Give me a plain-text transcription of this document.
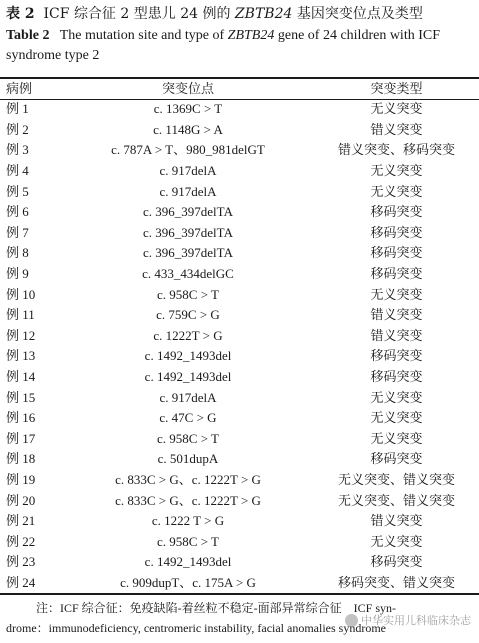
表 2 ICF 综合征 2 型患儿 24 例的 ZBTB24 基因突变位点及类型
Table 2 The mutation site and type of ZBTB24 gene of 24 children with ICF syndrome type 2
病例	突变位点	突变类型
例 1	c. 1369C > T	无义突变
例 2	c. 1148G > A	错义突变
例 3	c. 787A > T、980_981delGT	错义突变、移码突变
例 4	c. 917delA	无义突变
例 5	c. 917delA	无义突变
例 6	c. 396_397delTA	移码突变
例 7	c. 396_397delTA	移码突变
例 8	c. 396_397delTA	移码突变
例 9	c. 433_434delGC	移码突变
例 10	c. 958C > T	无义突变
例 11	c. 759C > G	错义突变
例 12	c. 1222T > G	错义突变
例 13	c. 1492_1493del	移码突变
例 14	c. 1492_1493del	移码突变
例 15	c. 917delA	无义突变
例 16	c. 47C > G	无义突变
例 17	c. 958C > T	无义突变
例 18	c. 501dupA	移码突变
例 19	c. 833C > G、c. 1222T > G	无义突变、错义突变
例 20	c. 833C > G、c. 1222T > G	无义突变、错义突变
例 21	c. 1222 T > G	错义突变
例 22	c. 958C > T	无义突变
例 23	c. 1492_1493del	移码突变
例 24	c. 909dupT、c. 175A > G	移码突变、错义突变
注：ICF 综合征：免疫缺陷-着丝粒不稳定-面部异常综合征　ICF syn-
drome：immunodeficiency, centromeric instability, facial anomalies syndrome
中华实用儿科临床杂志
